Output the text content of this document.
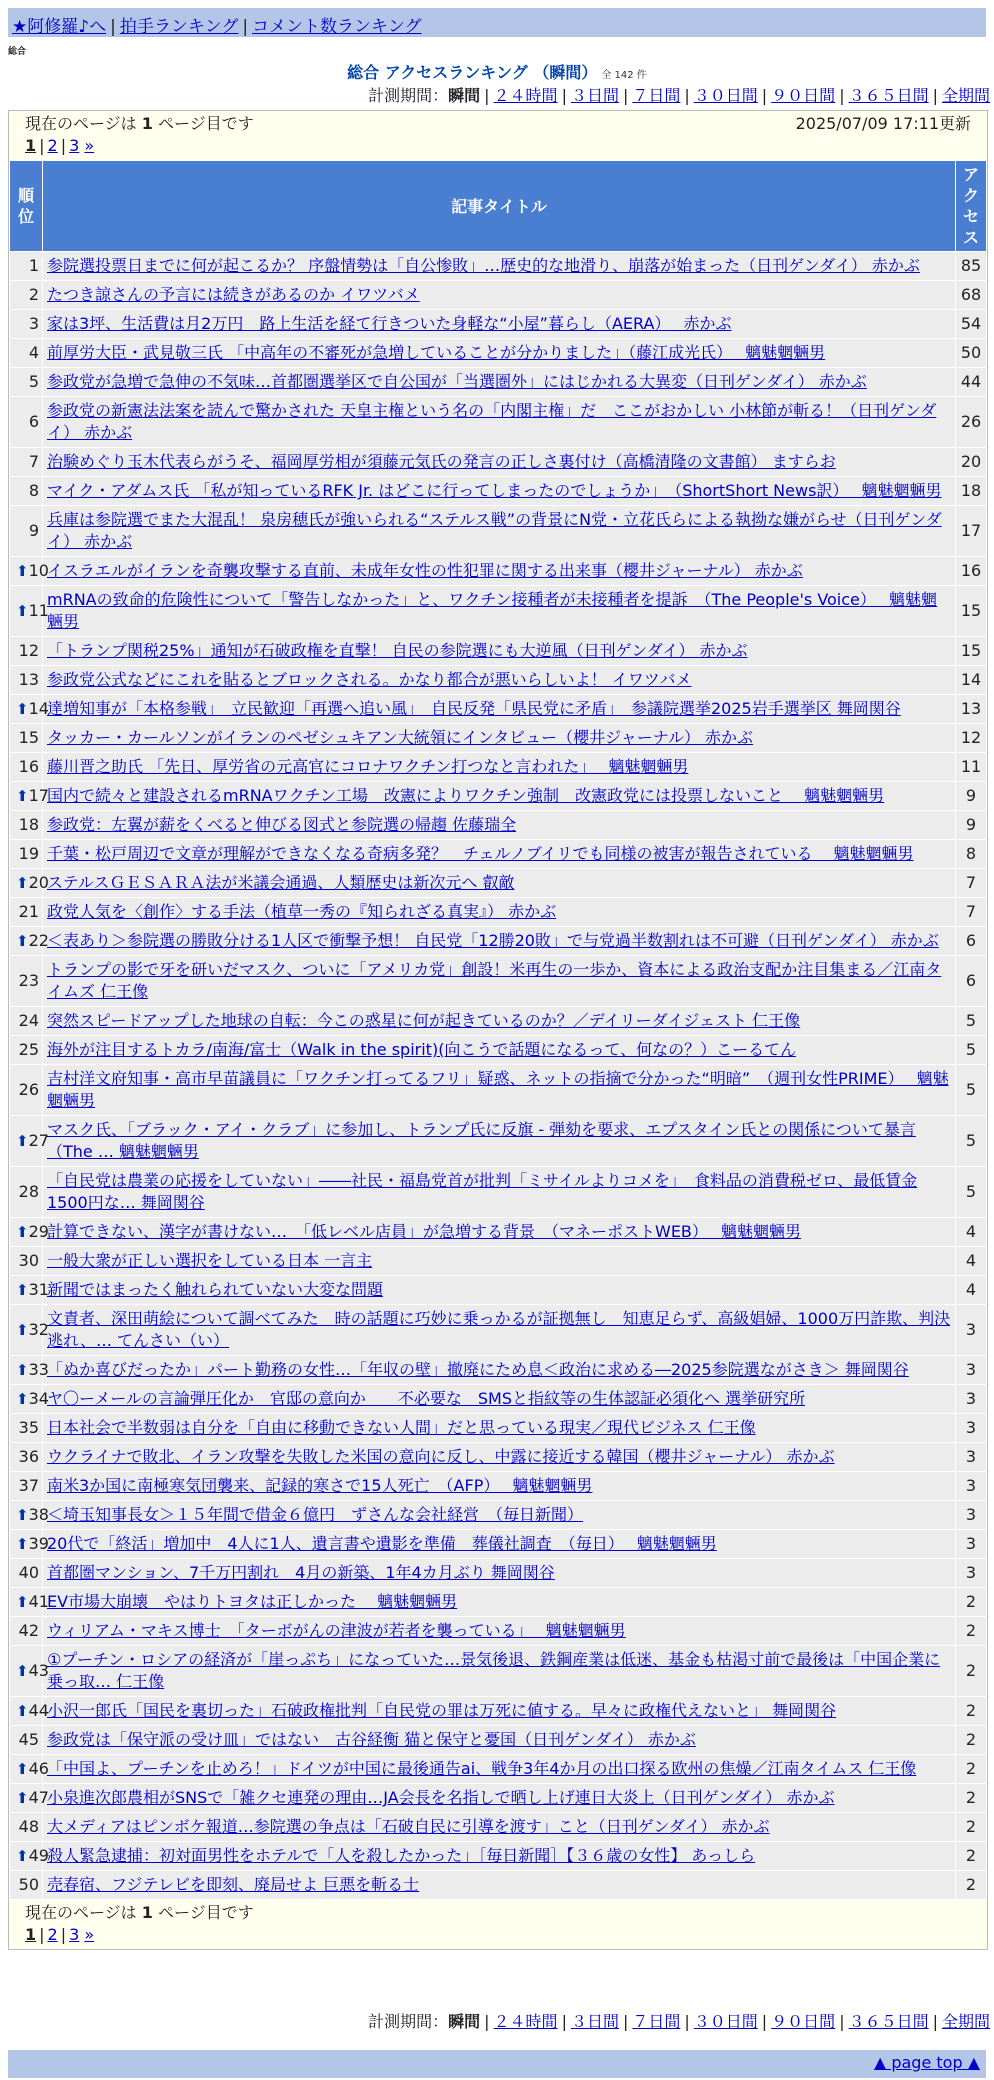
★阿修羅♪へ | 拍手ランキング | コメント数ランキング
総合
総合 アクセスランキング （瞬間） 全 142 件
計測期間：瞬間 | ２４時間 | ３日間 | ７日間 | ３０日間 | ９０日間 | ３６５日間 | 全期間
現在のページは 1 ページ目です	2025/07/09 17:11更新
1 | 2 | 3 »
順位	記事タイトル	アクセス
1	参院選投票日までに何が起こるか？ 序盤情勢は「自公惨敗」…歴史的な地滑り、崩落が始まった（日刊ゲンダイ） 赤かぶ	85
2	たつき諒さんの予言には続きがあるのか イワツバメ	68
3	家は3坪、生活費は月2万円　路上生活を経て行きついた身軽な“小屋”暮らし（AERA）　 赤かぶ	54
4	前厚労大臣・武見敬三氏 「中高年の不審死が急増していることが分かりました」（藤江成光氏）　 魑魅魍魎男	50
5	参政党が急増で急伸の不気味…首都圏選挙区で自公国が「当選圏外」にはじかれる大異変（日刊ゲンダイ） 赤かぶ	44
6	参政党の新憲法法案を読んで驚かされた 天皇主権という名の「内閣主権」だ　ここがおかしい 小林節が斬る！（日刊ゲンダイ） 赤かぶ	26
7	治験めぐり玉木代表らがうそ、福岡厚労相が須藤元気氏の発言の正しさ裏付け（高橋清隆の文書館） ますらお	20
8	マイク・アダムス氏 「私が知っているRFK Jr. はどこに行ってしまったのでしょうか」　（ShortShort News訳）　 魑魅魍魎男	18
9	兵庫は参院選でまた大混乱！ 泉房穂氏が強いられる“ステルス戦”の背景にN党・立花氏らによる執拗な嫌がらせ（日刊ゲンダイ） 赤かぶ	17

⬆ 10	イスラエルがイランを奇襲攻撃する直前、未成年女性の性犯罪に関する出来事（櫻井ジャーナル） 赤かぶ	16

⬆ 11	mRNAの致命的危険性について「警告しなかった」と、ワクチン接種者が未接種者を提訴　（The People's Voice）　 魑魅魍魎男	15
12	「トランプ関税25%」通知が石破政権を直撃！ 自民の参院選にも大逆風（日刊ゲンダイ） 赤かぶ	15
13	参政党公式などにこれを貼るとブロックされる。かなり都合が悪いらしいよ！ イワツバメ	14

⬆ 14	達増知事が「本格参戦」　立民歓迎「再選へ追い風」　自民反発「県民党に矛盾」　参議院選挙2025岩手選挙区 舞岡関谷	13
15	タッカー・カールソンがイランのペゼシュキアン大統領にインタビュー（櫻井ジャーナル） 赤かぶ	12
16	藤川晋之助氏 「先日、厚労省の元高官にコロナワクチン打つなと言われた」　 魑魅魍魎男	11

⬆ 17	国内で続々と建設されるmRNAワクチン工場　改憲によりワクチン強制　改憲政党には投票しないこと　 魑魅魍魎男	9
18	参政党：左翼が薪をくべると伸びる図式と参院選の帰趨 佐藤瑞全	9
19	千葉・松戸周辺で文章が理解ができなくなる奇病多発？　チェルノブイリでも同様の被害が報告されている　 魑魅魍魎男	8

⬆ 20	ステルスＧＥＳＡＲＡ法が米議会通過、人類歴史は新次元へ 叡敵	7
21	政党人気を〈創作〉する手法（植草一秀の『知られざる真実』） 赤かぶ	7

⬆ 22	＜表あり＞参院選の勝敗分ける1人区で衝撃予想！ 自民党「12勝20敗」で与党過半数割れは不可避（日刊ゲンダイ） 赤かぶ	6
23	トランプの影で牙を研いだマスク、ついに「アメリカ党」創設！米再生の一歩か、資本による政治支配か注目集まる／江南タイムズ 仁王像	6
24	突然スピードアップした地球の自転：今この惑星に何が起きているのか？／デイリーダイジェスト 仁王像	5
25	海外が注目するトカラ/南海/富士（Walk in the spirit)(向こうで話題になるって、何なの？）こーるてん	5
26	吉村洋文府知事・高市早苗議員に「ワクチン打ってるフリ」疑惑、ネットの指摘で分かった“明暗”　（週刊女性PRIME）　 魑魅魍魎男	5

⬆ 27	マスク氏、「ブラック・アイ・クラブ」に参加し、トランプ氏に反旗 - 弾劾を要求、エプスタイン氏との関係について暴言（The … 魑魅魍魎男	5
28	「自民党は農業の応援をしていない」――社民・福島党首が批判「ミサイルよりコメを」　食料品の消費税ゼロ、最低賃金1500円な… 舞岡関谷	5

⬆ 29	計算できない、漢字が書けない…　「低レベル店員」が急増する背景　（マネーポストWEB）　 魑魅魍魎男	4
30	一般大衆が正しい選択をしている日本 一言主	4

⬆ 31	新聞ではまったく触れられていない大変な問題	4

⬆ 32	文責者、深田萌絵について調べてみた　時の話題に巧妙に乗っかるが証拠無し　知恵足らず、高級娼婦、1000万円詐欺、判決逃れ、… てんさい（い）	3

⬆ 33	「ぬか喜びだったか」パート勤務の女性…「年収の壁」撤廃にため息＜政治に求める―2025参院選ながさき＞ 舞岡関谷	3

⬆ 34	ヤ〇ーメールの言論弾圧化か　官邸の意向か　　不必要な　SMSと指紋等の生体認証必須化へ 選挙研究所	3
35	日本社会で半数弱は自分を「自由に移動できない人間」だと思っている現実／現代ビジネス 仁王像	3
36	ウクライナで敗北、イラン攻撃を失敗した米国の意向に反し、中露に接近する韓国（櫻井ジャーナル） 赤かぶ	3
37	南米3か国に南極寒気団襲来、記録的寒さで15人死亡　（AFP）　 魑魅魍魎男	3

⬆ 38	＜埼玉知事長女＞１５年間で借金６億円　ずさんな会社経営　（毎日新聞）	3

⬆ 39	20代で「終活」増加中　4人に1人、遺言書や遺影を準備　葬儀社調査　（毎日）　 魑魅魍魎男	3
40	首都圏マンション、7千万円割れ　4月の新築、1年4カ月ぶり 舞岡関谷	3

⬆ 41	EV市場大崩壊　やはりトヨタは正しかった　 魑魅魍魎男	2
42	ウィリアム・マキス博士　「ターボがんの津波が若者を襲っている」　 魑魅魍魎男	2

⬆ 43	①プーチン・ロシアの経済が「崖っぷち」になっていた…景気後退、鉄鋼産業は低迷、基金も枯渇寸前で最後は「中国企業に乗っ取… 仁王像	2

⬆ 44	小沢一郎氏「国民を裏切った」石破政権批判「自民党の罪は万死に値する。早々に政権代えないと」 舞岡関谷	2
45	参政党は「保守派の受け皿」ではない　古谷経衡 猫と保守と憂国（日刊ゲンダイ） 赤かぶ	2

⬆ 46	「中国よ、プーチンを止めろ！」ドイツが中国に最後通告ai、戦争3年4か月の出口探る欧州の焦燥／江南タイムス 仁王像	2

⬆ 47	小泉進次郎農相がSNSで「雑クセ連発の理由…JA会長を名指しで晒し上げ連日大炎上（日刊ゲンダイ） 赤かぶ	2
48	大メディアはピンボケ報道…参院選の争点は「石破自民に引導を渡す」こと（日刊ゲンダイ） 赤かぶ	2

⬆ 49	殺人緊急逮捕：初対面男性をホテルで「人を殺したかった」［毎日新聞］【３６歳の女性】 あっしら	2
50	売春宿、フジテレビを即刻、廃局せよ 巨悪を斬る士	2
現在のページは 1 ページ目です
1 | 2 | 3 »
計測期間：瞬間 | ２４時間 | ３日間 | ７日間 | ３０日間 | ９０日間 | ３６５日間 | 全期間
▲ page top ▲
